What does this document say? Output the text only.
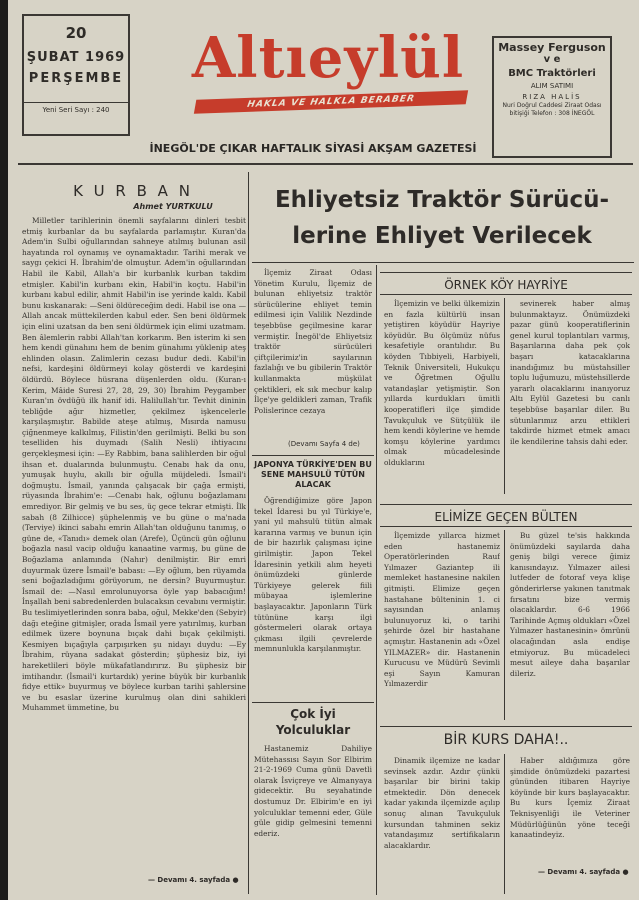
20
ŞUBAT 1969
PERŞEMBE
Yeni Seri Sayı : 240
Altıeylül
HAKLA VE HALKLA BERABER
Massey Ferguson
v e
BMC Traktörleri
ALIM SATIMI
RIZA HALİS
Nuri Doğrul Caddesi Ziraat Odası bitişiği Telefon : 308 İNEGÖL
İNEGÖL'DE ÇIKAR HAFTALIK SİYASİ AKŞAM GAZETESİ
K U R B A N
Ahmet YURTKULU

Milletler tarihlerinin önemli sayfalarını dinleri tesbit etmiş kurbanlar da bu sayfalarda parlamıştır. Kuran'da Adem'in Sulbi oğullarından sahneye atılmış bulunan asil hayatında rol oynamış ve oynamaktadır. Tarihi merak ve saygı çekici H. İbrahim'de olmuştur. Adem'in oğullarından Habil ile Kabil, Allah'a bir kurbanlık kurban takdim etmişler. Kabil'in kurbanı ekin, Habil'in koçtu. Habil'in kurbanı kabul edilir, ahmit Habil'in ise yerinde kaldı. Kabil bunu kıskanarak: —Seni öldüreceğim dedi. Habil ise ona —Allah ancak müttekilerden kabul eder. Sen beni öldürmek için elini uzatsan da ben seni öldürmek için elimi uzatmam. Ben âlemlerin rabbi Allah'tan korkarım. Ben isterim ki sen hem kendi günahını hem de benim günahımı yüklenip ateş ehlinden olasın. Zalimlerin cezası budur dedi. Kabil'in nefsi, kardeşini öldürmeyi kolay gösterdi ve kardeşini öldürdü. Böylece hüsrana düşenlerden oldu. (Kuran-ı Kerim, Mâide Suresi 27, 28, 29, 30) İbrahim Peygamber Kuran'ın övdüğü ilk hanif idi. Halilullah'tır. Tevhit dininin tebliğde ağır hizmetler, çekilmez işkencelerle karşılaşmıştır. Babilde ateşe atılmış, Mısırda namusu çiğnenmeye kalkılmış, Filistin'den gerilmişti. Belki bu son teselliden his duymadı (Salih Nesli) ihtiyacını gerçekleşmesi için: —Ey Rabbim, bana salihlerden bir oğul ihsan et. dualarında bulunmuştu. Cenabı hak da onu, yumuşak huylu, akıllı bir oğulla müjdeledi. İsmail'i doğmuştu. İsmail, yanında çalışacak bir çağa ermişti, rüyasında İbrahim'e: —Cenabı hak, oğlunu boğazlamanı emrediyor. Bir gelmiş ve bu ses, üç gece tekrar etmişti. İlk sabah (8 Zilhicce) şüphelenmiş ve bu güne o ma'nada (Terviye) ikinci sabahı emrin Allah'tan olduğunu tanımış, o güne de, «Tanıdı» demek olan (Arefe), Üçüncü gün oğlunu boğazla nasıl vacip olduğu kanaatine varmış, bu güne de Boğazlama anlamında (Nahır) denilmiştir. Bir emri duyurmak üzere İsmail'e babası: —Ey oğlum, ben rüyamda seni boğazladığımı görüyorum, ne dersin? Buyurmuştur. İsmail de: —Nasıl emrolunuyorsa öyle yap babacığım! İnşallah beni sabredenlerden bulacaksın cevabını vermiştir. Bu teslimiyetlerinden sonra baba, oğul, Mekke'den (Sebyir) dağı eteğine gitmişler, orada İsmail yere yatırılmış, kurban edilmek üzere boynuna bıçak dahi bıçak çekilmişti. Kesmiyen bıçağıyla çarpışırken şu nidayı duydu: —Ey İbrahim, rüyana sadakat gösterdin; şüphesiz biz, iyi hareketlileri böyle mükafatlandırırız. Bu şüphesiz bir imtihandır. (İsmail'i kurtardık) yerine büyük bir kurbanlık fidye ettik» buyurmuş ve böylece kurban tarihi şahlersine ve bu esaslar üzerine kurulmuş olan dini sahikleri Muhammet ümmetine, bu

— Devamı 4. sayfada ●
Ehliyetsiz Traktör Sürücü-
lerine Ehliyet Verilecek

İlçemiz Ziraat Odası Yönetim Kurulu, İlçemiz de bulunan ehliyetsiz traktör sürücülerine ehliyet temin edilmesi için Valilik Nezdinde teşebbüse geçilmesine karar vermiştir. İnegöl'de Ehliyetsiz traktör sürücüleri çiftçilerimiz'in sayılarının fazlalığı ve bu gibilerin Traktör kullanmakta müşkülat çektikleri, ek sık mecbur kalıp İlçe'ye geldikleri zaman, Trafik Polislerince cezaya

(Devamı Sayfa 4 de)
JAPONYA TÜRKİYE'DEN BU SENE MAHSULÜ TÜTÜN ALACAK

Öğrendiğimize göre Japon tekel İdaresi bu yıl Türkiye'e, yani yıl mahsulü tütün almak kararına varmış ve bunun için de bir hazırlık çalışması içine girilmiştir. Japon Tekel İdaresinin yetkili alım heyeti önümüzdeki günlerde Türkiyeye gelerek fiili mübayaa işlemlerine başlayacaktır. Japonların Türk tütününe karşı ilgi göstermeleri olarak ortaya çıkması ilgili çevrelerde memnunlukla karşılanmıştır.

Çok İyi Yolculuklar

Hastanemiz Dahiliye Mütehassısı Sayın Sor Elbirim 21-2-1969 Cuma günü Davetli olarak İsviçreye ve Almanyaya gidecektir. Bu seyahatinde dostumuz Dr. Elbirim'e en iyi yolculuklar temenni eder, Güle güle gidip gelmesini temenni ederiz.

ÖRNEK KÖY HAYRİYE

İlçemizin ve belki ülkemizin en fazla kültürlü insan yetiştiren köyüdür Hayriye köyüdür. Bu ölçümüz nüfus kesafetiyle orantılıdır. Bu köyden Tıbbiyeli, Harbiyeli, Teknik Üniversiteli, Hukukçu ve Öğretmen Oğullu vatandaşlar yetişmiştir. Son yıllarda kurdukları ümitli kooperatifleri ilçe şimdide Tavukçuluk ve Sütçülük ile hem kendi köylerine ve hemde komşu köylerine yardımcı olmak mücadelesinde olduklarını

sevinerek haber almış bulunmaktayız. Önümüzdeki pazar günü kooperatiflerinin genel kurul toplantıları varmış, Başarılarına daha pek çok başarı katacaklarına inandığımız bu müstahsiller toplu luğumuzu, müstehsillerde yararlı olacaklarını inanıyoruz Altı Eylül Gazetesi bu canlı teşebbüse başarılar diler. Bu sütunlarımız arzu ettikleri takdirde hizmet etmek amacı ile kendilerine tahsis dahi eder.

ELİMİZE GEÇEN BÜLTEN

İlçemizde yıllarca hizmet eden hastanemiz Operatörlerinden Rauf Yılmazer Gaziantep ili memleket hastanesine nakilen gitmişti. Elimize geçen hastahane bülteninin 1. ci sayısından anlamış bulunuyoruz ki, o tarihi şehirde özel bir hastahane açmıştır. Hastanenin adı «Özel YILMAZER» dir. Hastanenin Kurucusu ve Müdürü Sevimli eşi Sayın Kamuran Yılmazerdir

Bu güzel te'sis hakkında önümüzdeki sayılarda daha geniş bilgi verece ğimiz kanısındayız. Yılmazer ailesi lutfeder de fotoraf veya klişe gönderirlerse yakınen tanıtmak fırsatını bize vermiş olacaklardır. 6-6 1966 Tarihinde Açmış oldukları «Özel Yılmazer hastanesinin» ömrünü olacağından asla endişe etmiyoruz. Bu mücadeleci mesut aileye daha başarılar dileriz.

BİR KURS DAHA!..

Dinamik ilçemize ne kadar sevinsek azdır. Azdır çünkü başarılar bir birini takip etmektedir. Dön denecek kadar yakında ilçemizde açılıp sonuç alınan Tavukçuluk kursundan tahminen sekiz vatandaşımız sertifikaların alacaklardır.

Haber aldığımıza göre şimdide önümüzdeki pazartesi gününden itibaren Hayriye köyünde bir kurs başlayacaktır. Bu kurs İçemiz Ziraat Teknisyenliği ile Veteriner Müdürlüğünün yöne teceği kanaatindeyiz.

— Devamı 4. sayfada ●
